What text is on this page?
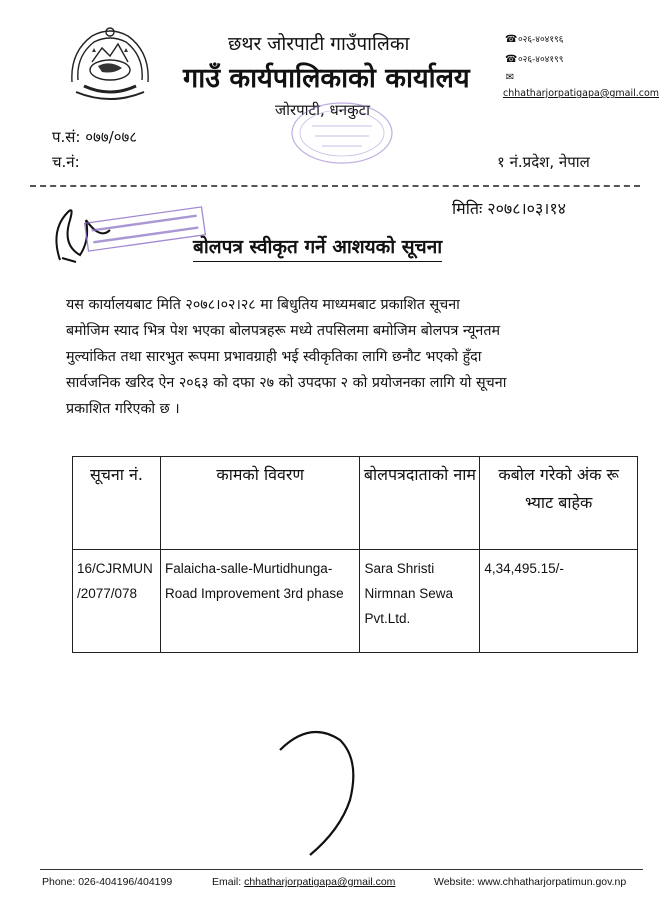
छथर जोरपाटी गाउँपालिका
गाउँ कार्यपालिकाको कार्यालय
जोरपाटी, धनकुटा
☎०२६-४०४१९६
☎०२६-४०४१९९
✉
chhatharjorpatigapa@gmail.com
प.सं: ०७७/०७८
च.नं:	१ नं.प्रदेश, नेपाल
मितिः २०७८।०३।१४
बोलपत्र स्वीकृत गर्ने आशयको सूचना

यस कार्यालयबाट मिति २०७८।०२।२८ मा बिधुतिय माध्यमबाट प्रकाशित सूचना

बमोजिम स्याद भित्र पेश भएका बोलपत्रहरू मध्ये तपसिलमा बमोजिम बोलपत्र न्यूनतम

मुल्यांकित तथा सारभुत रूपमा प्रभावग्राही भई स्वीकृतिका लागि छनौट भएको हुँदा

सार्वजनिक खरिद ऐन २०६३ को दफा २७ को उपदफा २ को प्रयोजनका लागि यो सूचना

प्रकाशित गरिएको छ ।

सूचना नं.	कामको विवरण	बोलपत्रदाताको नाम	कबोल गरेको अंक रू भ्याट बाहेक
16/CJRMUN /2077/078	Falaicha-salle-Murtidhunga-Road Improvement 3rd phase	Sara Shristi Nirmnan Sewa Pvt.Ltd.	4,34,495.15/-
Phone: 026-404196/404199	Email: chhatharjorpatigapa@gmail.com	Website: www.chhatharjorpatimun.gov.np
